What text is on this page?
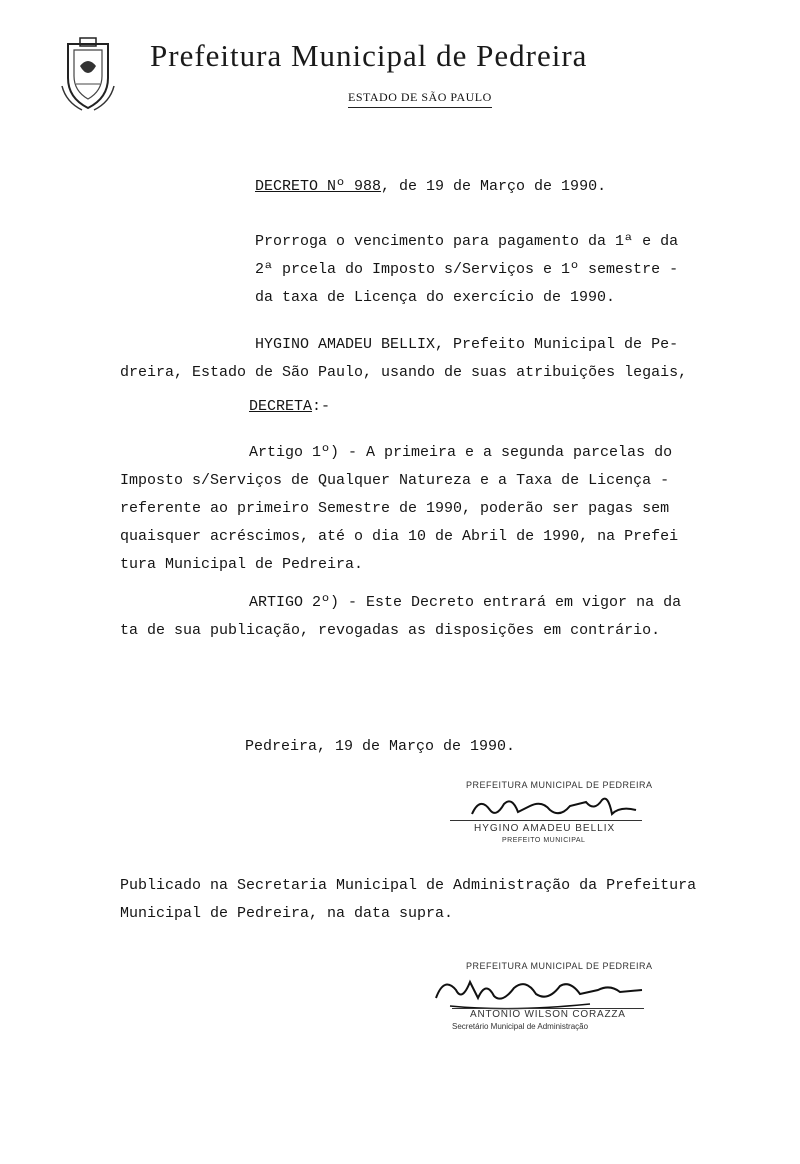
Prefeitura Municipal de Pedreira
ESTADO DE SÃO PAULO
DECRETO Nº 988, de 19 de Março de 1990.
Prorroga o vencimento para pagamento da 1ª e da
2ª prcela do Imposto s/Serviços e 1º semestre -
da taxa de Licença do exercício de 1990.
HYGINO AMADEU BELLIX, Prefeito Municipal de Pe-
dreira, Estado de São Paulo, usando de suas atribuições legais,
DECRETA:-
Artigo 1º) - A primeira e a segunda parcelas do
Imposto s/Serviços de Qualquer Natureza e a Taxa de Licença -
referente ao primeiro Semestre de 1990, poderão ser pagas sem
quaisquer acréscimos, até o dia 10 de Abril de 1990, na Prefei
tura Municipal de Pedreira.
ARTIGO 2º) - Este Decreto entrará em vigor na da
ta de sua publicação, revogadas as disposições em contrário.
Pedreira, 19 de Março de 1990.
PREFEITURA MUNICIPAL DE PEDREIRA
HYGINO AMADEU BELLIX
PREFEITO MUNICIPAL
Publicado na Secretaria Municipal de Administração da Prefeitura
Municipal de Pedreira, na data supra.
PREFEITURA MUNICIPAL DE PEDREIRA
ANTONIO WILSON CORAZZA
Secretário Municipal de Administração
